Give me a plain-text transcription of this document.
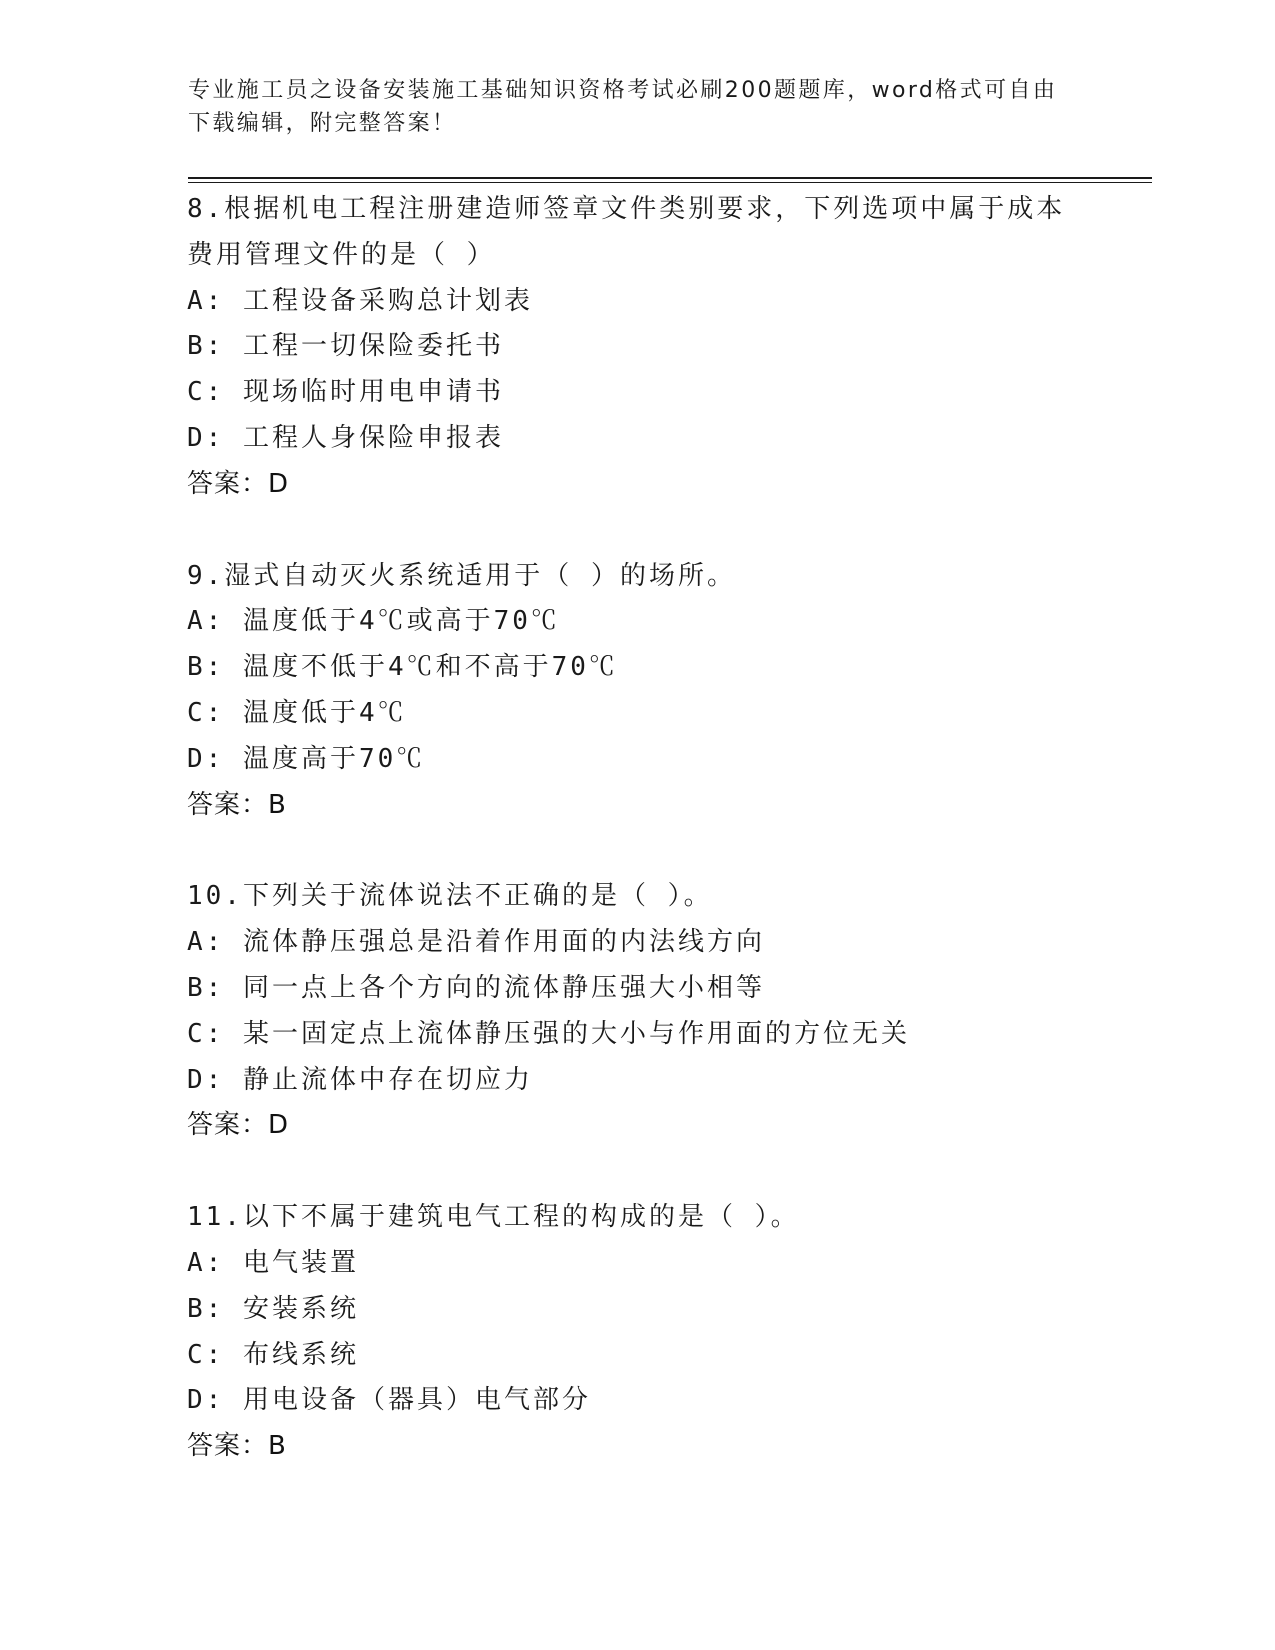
专业施工员之设备安装施工基础知识资格考试必刷200题题库，word格式可自由

下载编辑，附完整答案！

8.根据机电工程注册建造师签章文件类别要求，下列选项中属于成本
费用管理文件的是（ ）
A: 工程设备采购总计划表
B: 工程一切保险委托书
C: 现场临时用电申请书
D: 工程人身保险申报表
答案：D
9.湿式自动灭火系统适用于（ ）的场所。
A: 温度低于4℃或高于70℃
B: 温度不低于4℃和不高于70℃
C: 温度低于4℃
D: 温度高于70℃
答案：B
10.下列关于流体说法不正确的是（ ）。
A: 流体静压强总是沿着作用面的内法线方向
B: 同一点上各个方向的流体静压强大小相等
C: 某一固定点上流体静压强的大小与作用面的方位无关
D: 静止流体中存在切应力
答案：D
11.以下不属于建筑电气工程的构成的是（ ）。
A: 电气装置
B: 安装系统
C: 布线系统
D: 用电设备（器具）电气部分
答案：B
